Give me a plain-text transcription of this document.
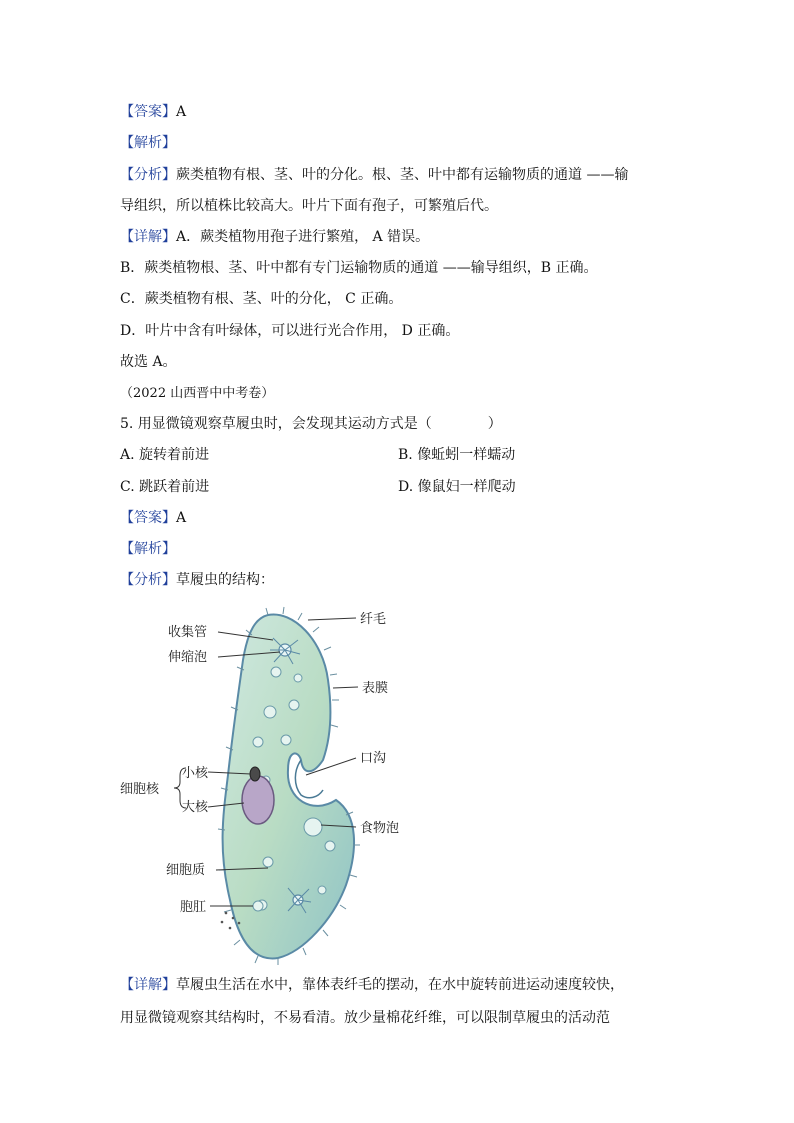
【答案】A
【解析】
【分析】蕨类植物有根、茎、叶的分化。根、茎、叶中都有运输物质的通道 ——输
导组织，所以植株比较高大。叶片下面有孢子，可繁殖后代。
【详解】A．蕨类植物用孢子进行繁殖， A 错误。
B．蕨类植物根、茎、叶中都有专门运输物质的通道 ——输导组织，B 正确。
C．蕨类植物有根、茎、叶的分化， C 正确。
D．叶片中含有叶绿体，可以进行光合作用， D 正确。
故选 A。
（2022 山西晋中中考卷）
5. 用显微镜观察草履虫时，会发现其运动方式是（　　　　）
A. 旋转着前进	B. 像蚯蚓一样蠕动
C. 跳跃着前进	D. 像鼠妇一样爬动
【答案】A
【解析】
【分析】草履虫的结构：
收集管
伸缩泡
小核
细胞核
大核
细胞质
胞肛
纤毛
表膜
口沟
食物泡
【详解】草履虫生活在水中，靠体表纤毛的摆动，在水中旋转前进运动速度较快，
用显微镜观察其结构时，不易看清。放少量棉花纤维，可以限制草履虫的活动范
